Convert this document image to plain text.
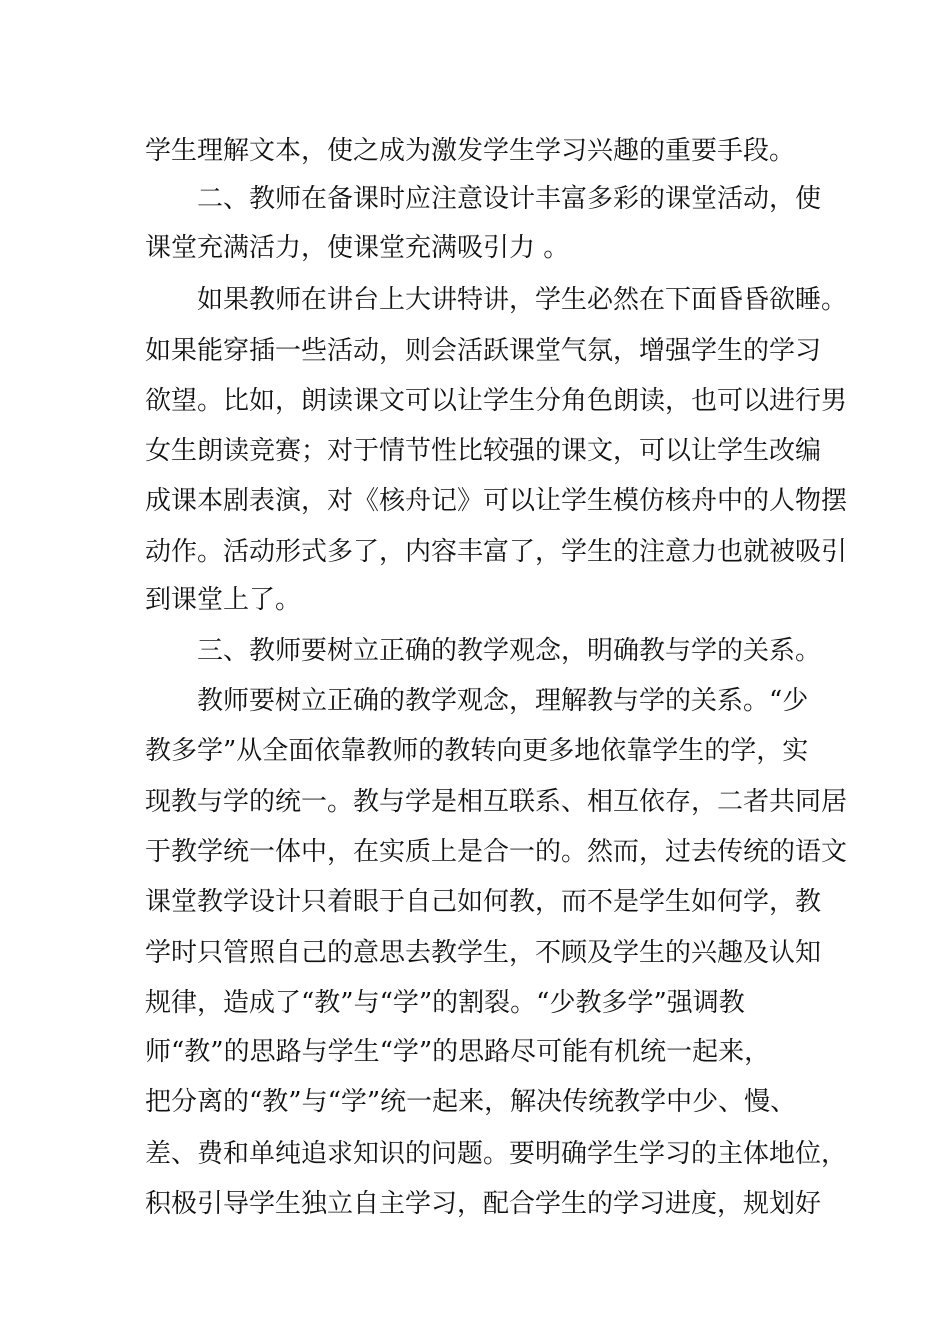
学生理解文本，使之成为激发学生学习兴趣的重要手段。
　　二、教师在备课时应注意设计丰富多彩的课堂活动，使
课堂充满活力，使课堂充满吸引力 。
　　如果教师在讲台上大讲特讲，学生必然在下面昏昏欲睡。
如果能穿插一些活动，则会活跃课堂气氛，增强学生的学习
欲望。比如，朗读课文可以让学生分角色朗读，也可以进行男
女生朗读竞赛；对于情节性比较强的课文，可以让学生改编
成课本剧表演，对《核舟记》可以让学生模仿核舟中的人物摆
动作。活动形式多了，内容丰富了，学生的注意力也就被吸引
到课堂上了。
　　三、教师要树立正确的教学观念，明确教与学的关系。
　　教师要树立正确的教学观念，理解教与学的关系。“少
教多学”从全面依靠教师的教转向更多地依靠学生的学，实
现教与学的统一。教与学是相互联系、相互依存，二者共同居
于教学统一体中，在实质上是合一的。然而，过去传统的语文
课堂教学设计只着眼于自己如何教，而不是学生如何学，教
学时只管照自己的意思去教学生，不顾及学生的兴趣及认知
规律，造成了“教”与“学”的割裂。“少教多学”强调教
师“教”的思路与学生“学”的思路尽可能有机统一起来，
把分离的“教”与“学”统一起来，解决传统教学中少、慢、
差、费和单纯追求知识的问题。要明确学生学习的主体地位，
积极引导学生独立自主学习，配合学生的学习进度，规划好
